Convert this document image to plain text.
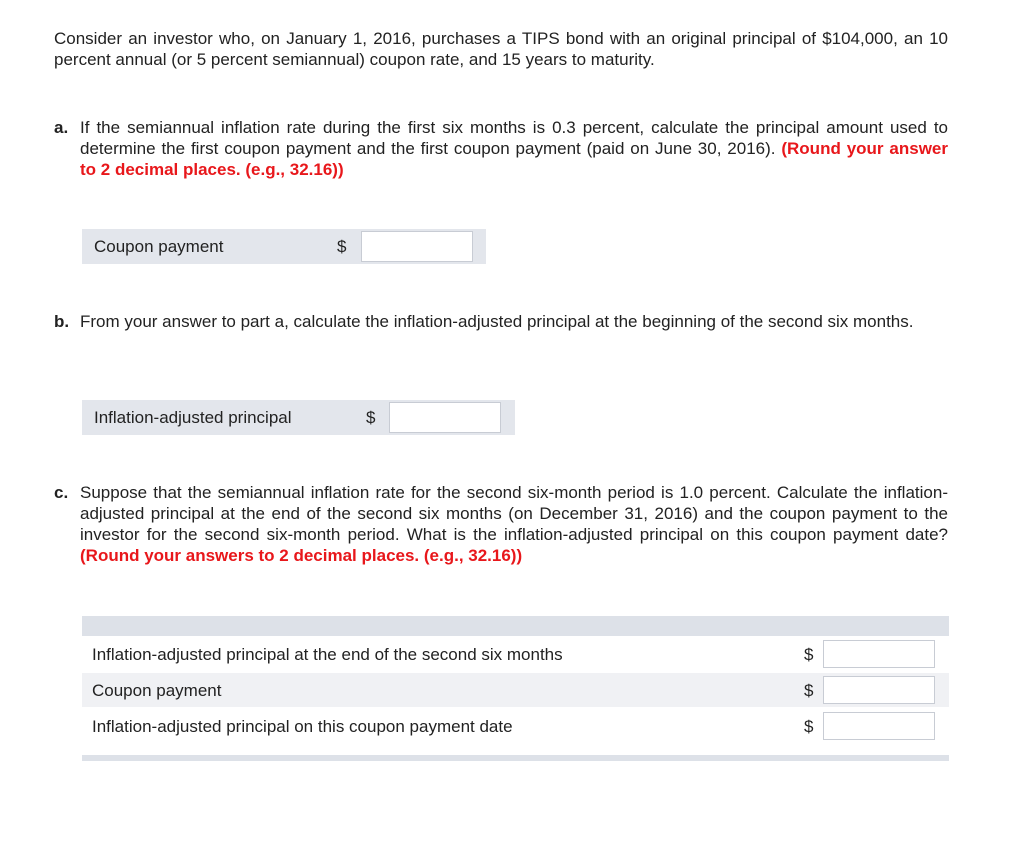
Consider an investor who, on January 1, 2016, purchases a TIPS bond with an original principal of $104,000, an 10 percent annual (or 5 percent semiannual) coupon rate, and 15 years to maturity.
a. If the semiannual inflation rate during the first six months is 0.3 percent, calculate the principal amount used to determine the first coupon payment and the first coupon payment (paid on June 30, 2016). (Round your answer to 2 decimal places. (e.g., 32.16))
Coupon payment	$
b. From your answer to part a, calculate the inflation-adjusted principal at the beginning of the second six months.
Inflation-adjusted principal	$
c. Suppose that the semiannual inflation rate for the second six-month period is 1.0 percent. Calculate the inflation-adjusted principal at the end of the second six months (on December 31, 2016) and the coupon payment to the investor for the second six-month period. What is the inflation-adjusted principal on this coupon payment date? (Round your answers to 2 decimal places. (e.g., 32.16))
Inflation-adjusted principal at the end of the second six months	$
Coupon payment	$
Inflation-adjusted principal on this coupon payment date	$
